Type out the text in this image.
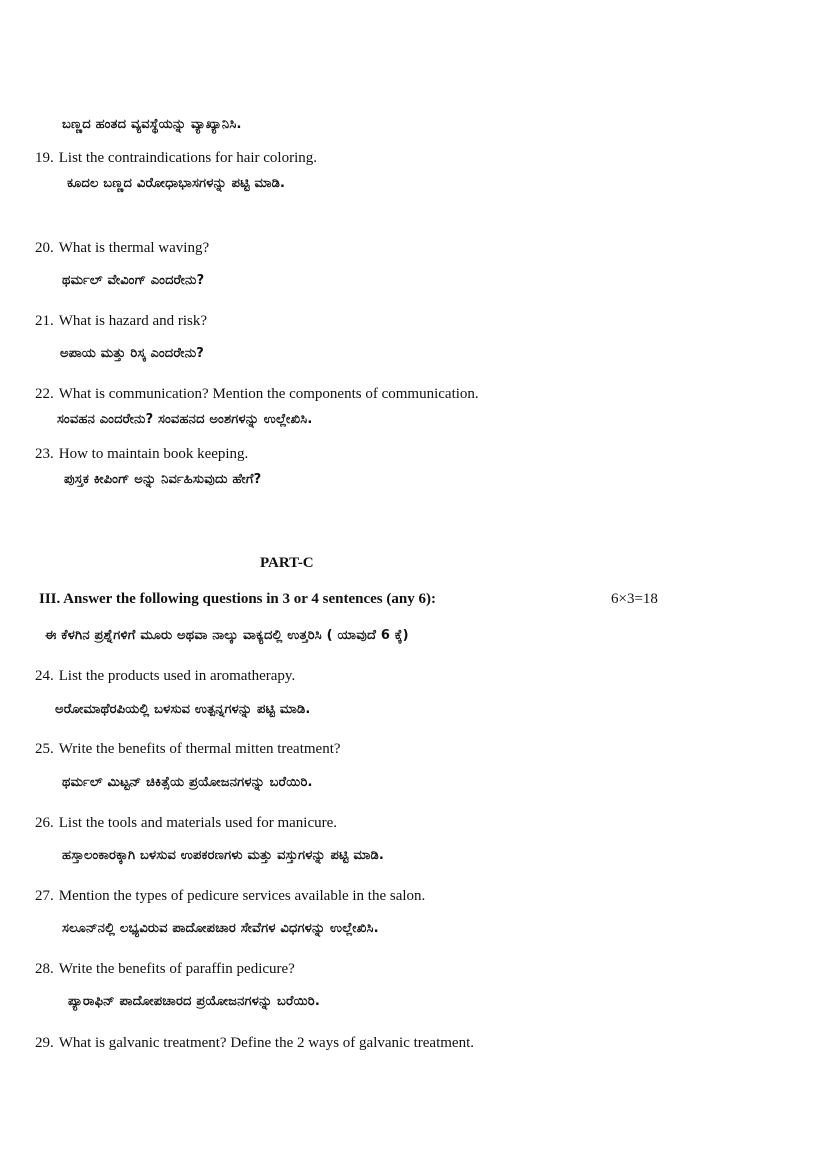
ಬಣ್ಣದ ಹಂತದ ವ್ಯವಸ್ಥೆಯನ್ನು ವ್ಯಾಖ್ಯಾನಿಸಿ.
19. List the contraindications for hair coloring.
ಕೂದಲ ಬಣ್ಣದ ವಿರೋಧಾಭಾಸಗಳನ್ನು ಪಟ್ಟಿ ಮಾಡಿ.
20. What is thermal waving?
ಥರ್ಮಲ್ ವೇವಿಂಗ್ ಎಂದರೇನು?
21. What is hazard and risk?
ಅಪಾಯ ಮತ್ತು ರಿಸ್ಕ ಎಂದರೇನು?
22. What is communication? Mention the components of communication.
ಸಂವಹನ ಎಂದರೇನು? ಸಂವಹನದ ಅಂಶಗಳನ್ನು ಉಲ್ಲೇಖಿಸಿ.
23. How to maintain book keeping.
ಪುಸ್ತಕ ಕೀಪಿಂಗ್ ಅನ್ನು ನಿರ್ವಹಿಸುವುದು ಹೇಗೆ?
PART-C
III. Answer the following questions in 3 or 4 sentences (any 6):	6×3=18
ಈ ಕೆಳಗಿನ ಪ್ರಶ್ನೆಗಳಿಗೆ ಮೂರು ಅಥವಾ ನಾಲ್ಕು ವಾಕ್ಯದಲ್ಲಿ ಉತ್ತರಿಸಿ ( ಯಾವುದೆ 6 ಕ್ಕೆ)
24. List the products used in aromatherapy.
ಅರೋಮಾಥೆರಪಿಯಲ್ಲಿ ಬಳಸುವ ಉತ್ಪನ್ನಗಳನ್ನು ಪಟ್ಟಿ ಮಾಡಿ.
25. Write the benefits of thermal mitten treatment?
ಥರ್ಮಲ್ ಮಿಟ್ಟನ್ ಚಿಕಿತ್ಸೆಯ ಪ್ರಯೋಜನಗಳನ್ನು ಬರೆಯಿರಿ.
26. List the tools and materials used for manicure.
ಹಸ್ತಾಲಂಕಾರಕ್ಕಾಗಿ ಬಳಸುವ ಉಪಕರಣಗಳು ಮತ್ತು ವಸ್ತುಗಳನ್ನು ಪಟ್ಟಿ ಮಾಡಿ.
27. Mention the types of pedicure services available in the salon.
ಸಲೂನ್‌ನಲ್ಲಿ ಲಭ್ಯವಿರುವ ಪಾದೋಪಚಾರ ಸೇವೆಗಳ ವಿಧಗಳನ್ನು ಉಲ್ಲೇಖಿಸಿ.
28. Write the benefits of paraffin pedicure?
ಪ್ಯಾರಾಫಿನ್ ಪಾದೋಪಚಾರದ ಪ್ರಯೋಜನಗಳನ್ನು ಬರೆಯಿರಿ.
29. What is galvanic treatment? Define the 2 ways of galvanic treatment.
